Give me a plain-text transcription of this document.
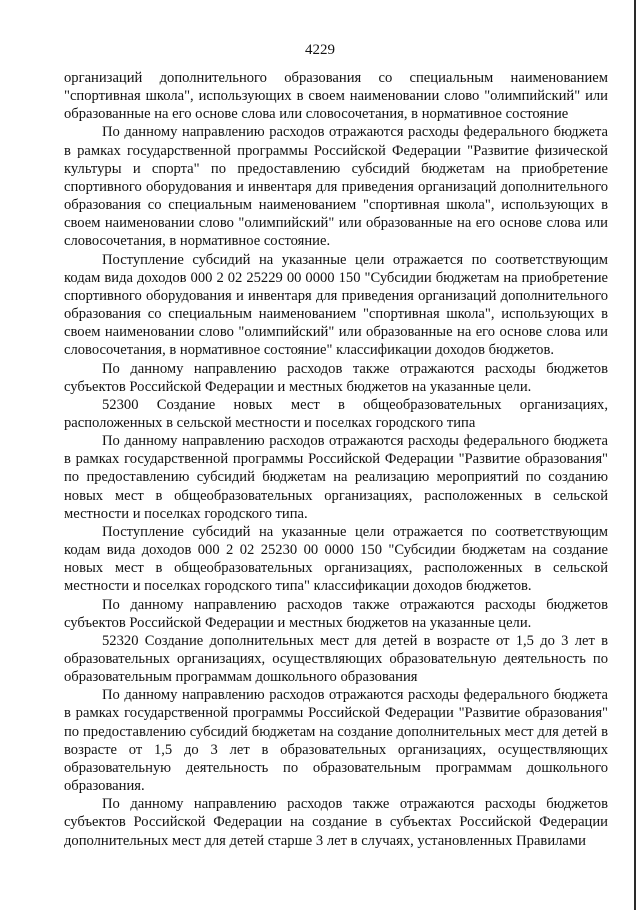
4229

организаций дополнительного образования со специальным наименованием "спортивная школа", использующих в своем наименовании слово "олимпийский" или образованные на его основе слова или словосочетания, в нормативное состояние

По данному направлению расходов отражаются расходы федерального бюджета в рамках государственной программы Российской Федерации "Развитие физической культуры и спорта" по предоставлению субсидий бюджетам на приобретение спортивного оборудования и инвентаря для приведения организаций дополнительного образования со специальным наименованием "спортивная школа", использующих в своем наименовании слово "олимпийский" или образованные на его основе слова или словосочетания, в нормативное состояние.

Поступление субсидий на указанные цели отражается по соответствующим кодам вида доходов 000 2 02 25229 00 0000 150 "Субсидии бюджетам на приобретение спортивного оборудования и инвентаря для приведения организаций дополнительного образования со специальным наименованием "спортивная школа", использующих в своем наименовании слово "олимпийский" или образованные на его основе слова или словосочетания, в нормативное состояние" классификации доходов бюджетов.

По данному направлению расходов также отражаются расходы бюджетов субъектов Российской Федерации и местных бюджетов на указанные цели.

52300 Создание новых мест в общеобразовательных организациях, расположенных в сельской местности и поселках городского типа

По данному направлению расходов отражаются расходы федерального бюджета в рамках государственной программы Российской Федерации "Развитие образования" по предоставлению субсидий бюджетам на реализацию мероприятий по созданию новых мест в общеобразовательных организациях, расположенных в сельской местности и поселках городского типа.

Поступление субсидий на указанные цели отражается по соответствующим кодам вида доходов 000 2 02 25230 00 0000 150 "Субсидии бюджетам на создание новых мест в общеобразовательных организациях, расположенных в сельской местности и поселках городского типа" классификации доходов бюджетов.

По данному направлению расходов также отражаются расходы бюджетов субъектов Российской Федерации и местных бюджетов на указанные цели.

52320 Создание дополнительных мест для детей в возрасте от 1,5 до 3 лет в образовательных организациях, осуществляющих образовательную деятельность по образовательным программам дошкольного образования

По данному направлению расходов отражаются расходы федерального бюджета в рамках государственной программы Российской Федерации "Развитие образования" по предоставлению субсидий бюджетам на создание дополнительных мест для детей в возрасте от 1,5 до 3 лет в образовательных организациях, осуществляющих образовательную деятельность по образовательным программам дошкольного образования.

По данному направлению расходов также отражаются расходы бюджетов субъектов Российской Федерации на создание в субъектах Российской Федерации дополнительных мест для детей старше 3 лет в случаях, установленных Правилами
